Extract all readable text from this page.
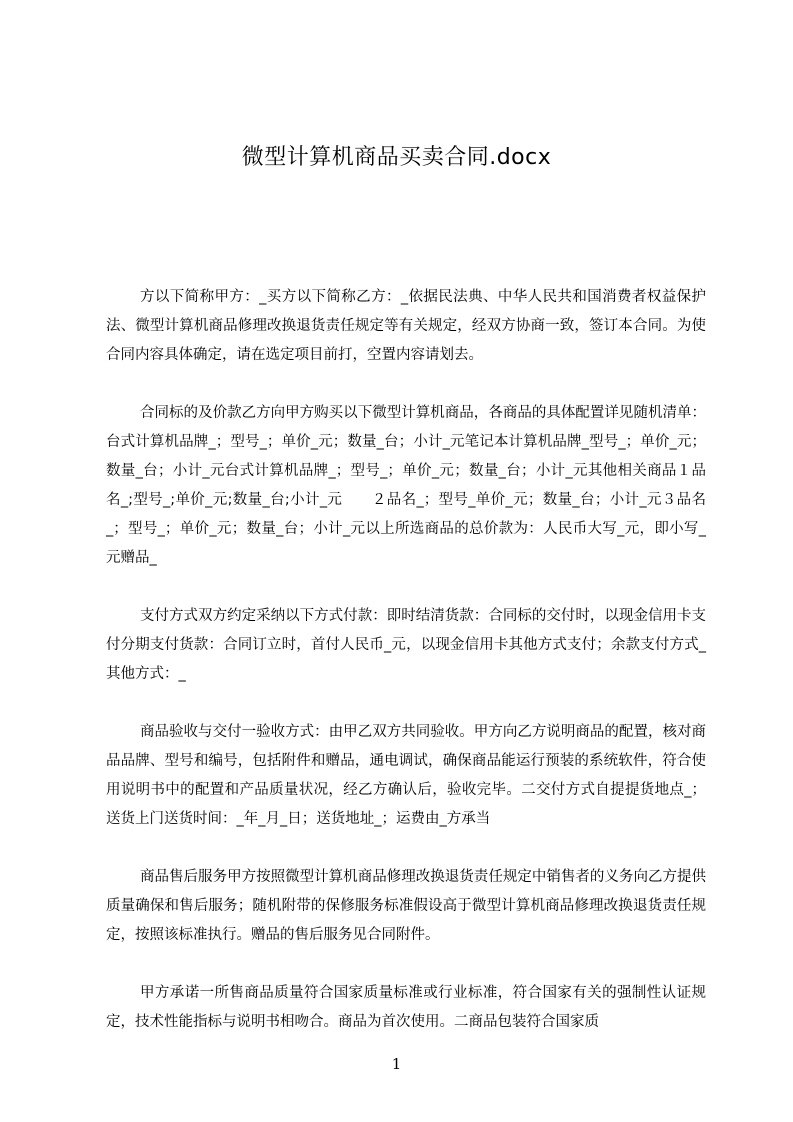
微型计算机商品买卖合同.docx

方以下简称甲方：_买方以下简称乙方：_依据民法典、中华人民共和国消费者权益保护法、微型计算机商品修理改换退货责任规定等有关规定，经双方协商一致，签订本合同。为使合同内容具体确定，请在选定项目前打，空置内容请划去。

合同标的及价款乙方向甲方购买以下微型计算机商品，各商品的具体配置详见随机清单：台式计算机品牌_；型号_；单价_元；数量_台；小计_元笔记本计算机品牌_型号_；单价_元；数量_台；小计_元台式计算机品牌_；型号_；单价_元；数量_台；小计_元其他相关商品１品名_;型号_;单价_元;数量_台;小计_元　　２品名_；型号_单价_元；数量_台；小计_元３品名_；型号_；单价_元；数量_台；小计_元以上所选商品的总价款为：人民币大写_元，即小写_元赠品_

支付方式双方约定采纳以下方式付款：即时结清货款：合同标的交付时，以现金信用卡支付分期支付货款：合同订立时，首付人民币_元，以现金信用卡其他方式支付；余款支付方式_其他方式：_

商品验收与交付一验收方式：由甲乙双方共同验收。甲方向乙方说明商品的配置，核对商品品牌、型号和编号，包括附件和赠品，通电调试，确保商品能运行预装的系统软件，符合使用说明书中的配置和产品质量状况，经乙方确认后，验收完毕。二交付方式自提提货地点_；送货上门送货时间：_年_月_日；送货地址_；运费由_方承当

商品售后服务甲方按照微型计算机商品修理改换退货责任规定中销售者的义务向乙方提供质量确保和售后服务；随机附带的保修服务标准假设高于微型计算机商品修理改换退货责任规定，按照该标准执行。赠品的售后服务见合同附件。

甲方承诺一所售商品质量符合国家质量标准或行业标准，符合国家有关的强制性认证规定，技术性能指标与说明书相吻合。商品为首次使用。二商品包装符合国家质

1
